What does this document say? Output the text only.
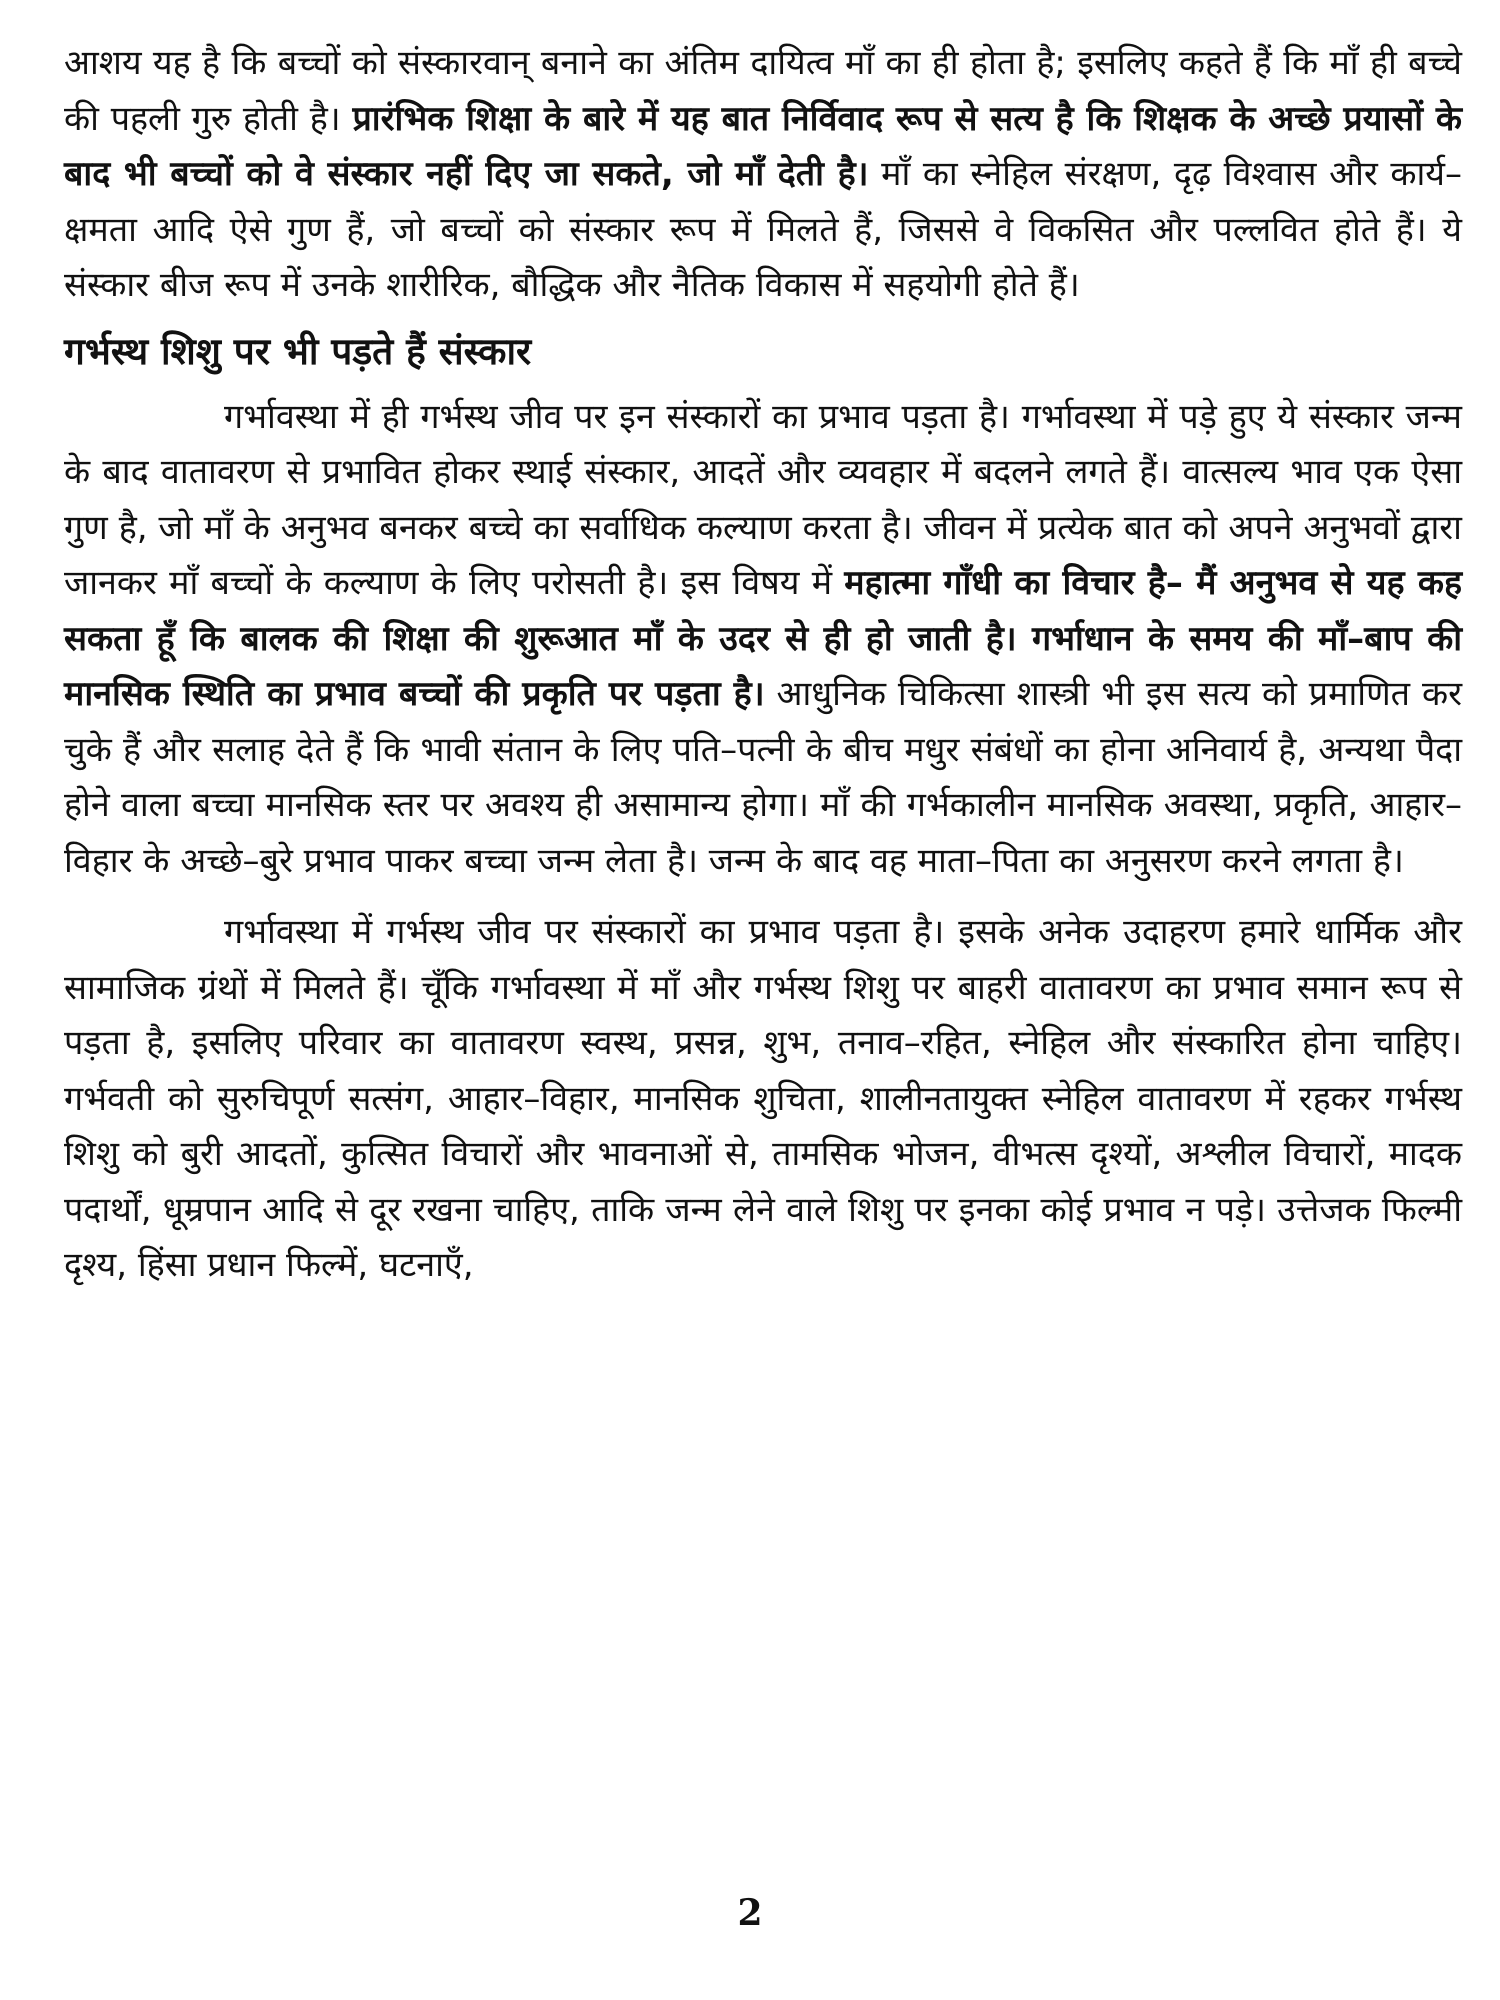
आशय यह है कि बच्चों को संस्कारवान् बनाने का अंतिम दायित्व माँ का ही होता है; इसलिए कहते हैं कि माँ ही बच्चे की पहली गुरु होती है। प्रारंभिक शिक्षा के बारे में यह बात निर्विवाद रूप से सत्य है कि शिक्षक के अच्छे प्रयासों के बाद भी बच्चों को वे संस्कार नहीं दिए जा सकते, जो माँ देती है। माँ का स्नेहिल संरक्षण, दृढ़ विश्वास और कार्य–क्षमता आदि ऐसे गुण हैं, जो बच्चों को संस्कार रूप में मिलते हैं, जिससे वे विकसित और पल्लवित होते हैं। ये संस्कार बीज रूप में उनके शारीरिक, बौद्धिक और नैतिक विकास में सहयोगी होते हैं।

गर्भस्थ शिशु पर भी पड़ते हैं संस्कार

गर्भावस्था में ही गर्भस्थ जीव पर इन संस्कारों का प्रभाव पड़ता है। गर्भावस्था में पड़े हुए ये संस्कार जन्म के बाद वातावरण से प्रभावित होकर स्थाई संस्कार, आदतें और व्यवहार में बदलने लगते हैं। वात्सल्य भाव एक ऐसा गुण है, जो माँ के अनुभव बनकर बच्चे का सर्वाधिक कल्याण करता है। जीवन में प्रत्येक बात को अपने अनुभवों द्वारा जानकर माँ बच्चों के कल्याण के लिए परोसती है। इस विषय में महात्मा गाँधी का विचार है– मैं अनुभव से यह कह सकता हूँ कि बालक की शिक्षा की शुरूआत माँ के उदर से ही हो जाती है। गर्भाधान के समय की माँ–बाप की मानसिक स्थिति का प्रभाव बच्चों की प्रकृति पर पड़ता है। आधुनिक चिकित्सा शास्त्री भी इस सत्य को प्रमाणित कर चुके हैं और सलाह देते हैं कि भावी संतान के लिए पति–पत्नी के बीच मधुर संबंधों का होना अनिवार्य है, अन्यथा पैदा होने वाला बच्चा मानसिक स्तर पर अवश्य ही असामान्य होगा। माँ की गर्भकालीन मानसिक अवस्था, प्रकृति, आहार–विहार के अच्छे–बुरे प्रभाव पाकर बच्चा जन्म लेता है। जन्म के बाद वह माता–पिता का अनुसरण करने लगता है।

गर्भावस्था में गर्भस्थ जीव पर संस्कारों का प्रभाव पड़ता है। इसके अनेक उदाहरण हमारे धार्मिक और सामाजिक ग्रंथों में मिलते हैं। चूँकि गर्भावस्था में माँ और गर्भस्थ शिशु पर बाहरी वातावरण का प्रभाव समान रूप से पड़ता है, इसलिए परिवार का वातावरण स्वस्थ, प्रसन्न, शुभ, तनाव–रहित, स्नेहिल और संस्कारित होना चाहिए। गर्भवती को सुरुचिपूर्ण सत्संग, आहार–विहार, मानसिक शुचिता, शालीनतायुक्त स्नेहिल वातावरण में रहकर गर्भस्थ शिशु को बुरी आदतों, कुत्सित विचारों और भावनाओं से, तामसिक भोजन, वीभत्स दृश्यों, अश्लील विचारों, मादक पदार्थों, धूम्रपान आदि से दूर रखना चाहिए, ताकि जन्म लेने वाले शिशु पर इनका कोई प्रभाव न पड़े। उत्तेजक फिल्मी दृश्य, हिंसा प्रधान फिल्में, घटनाएँ,

2
